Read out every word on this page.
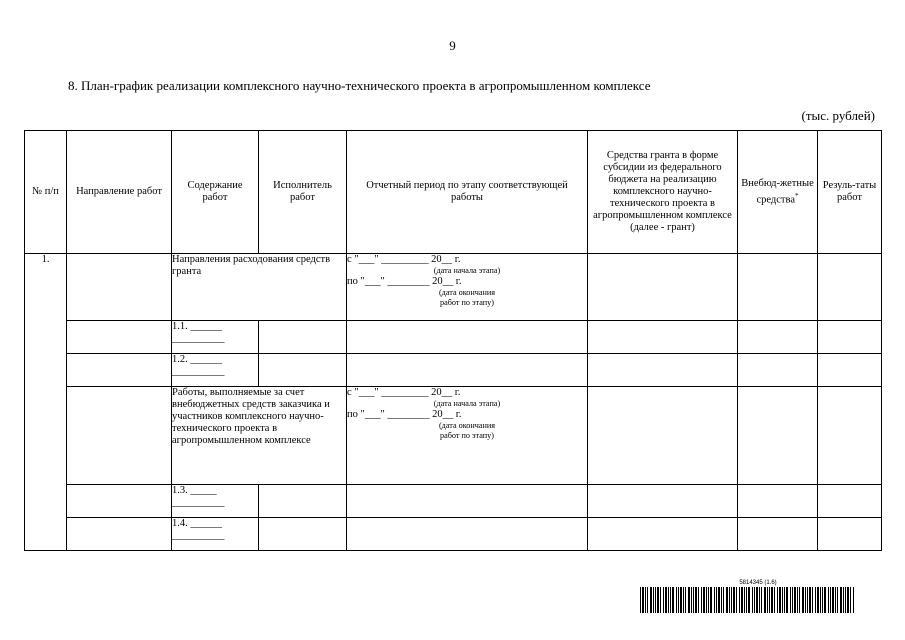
9
8. План-график реализации комплексного научно-технического проекта в агропромышленном комплексе
(тыс. рублей)
№ п/п	Направление работ	Содержание работ	Исполнитель работ	Отчетный период по этапу соответствующей работы	Средства гранта в форме субсидии из федерального бюджета на реализацию комплексного научно-технического проекта в агропромышленном комплексе (далее - грант)	Внебюд-жетные средства*	Резуль-таты работ
1.		Направления расходования средств гранта		с "___" _________ 20__ г.
(дата начала этапа)
по "___" ________ 20__ г.
(дата окончания
работ по этапу)			

		1.1. ______
__________					

		1.2. ______
__________					

		Работы, выполняемые за счет внебюджетных средств заказчика и участников комплексного научно-технического проекта в агропромышленном комплексе		с "___" _________ 20__ г.
(дата начала этапа)
по "___" ________ 20__ г.
(дата окончания
работ по этапу)			

		1.3. _____
__________					

		1.4. ______
__________					

5814345 (1.6)
